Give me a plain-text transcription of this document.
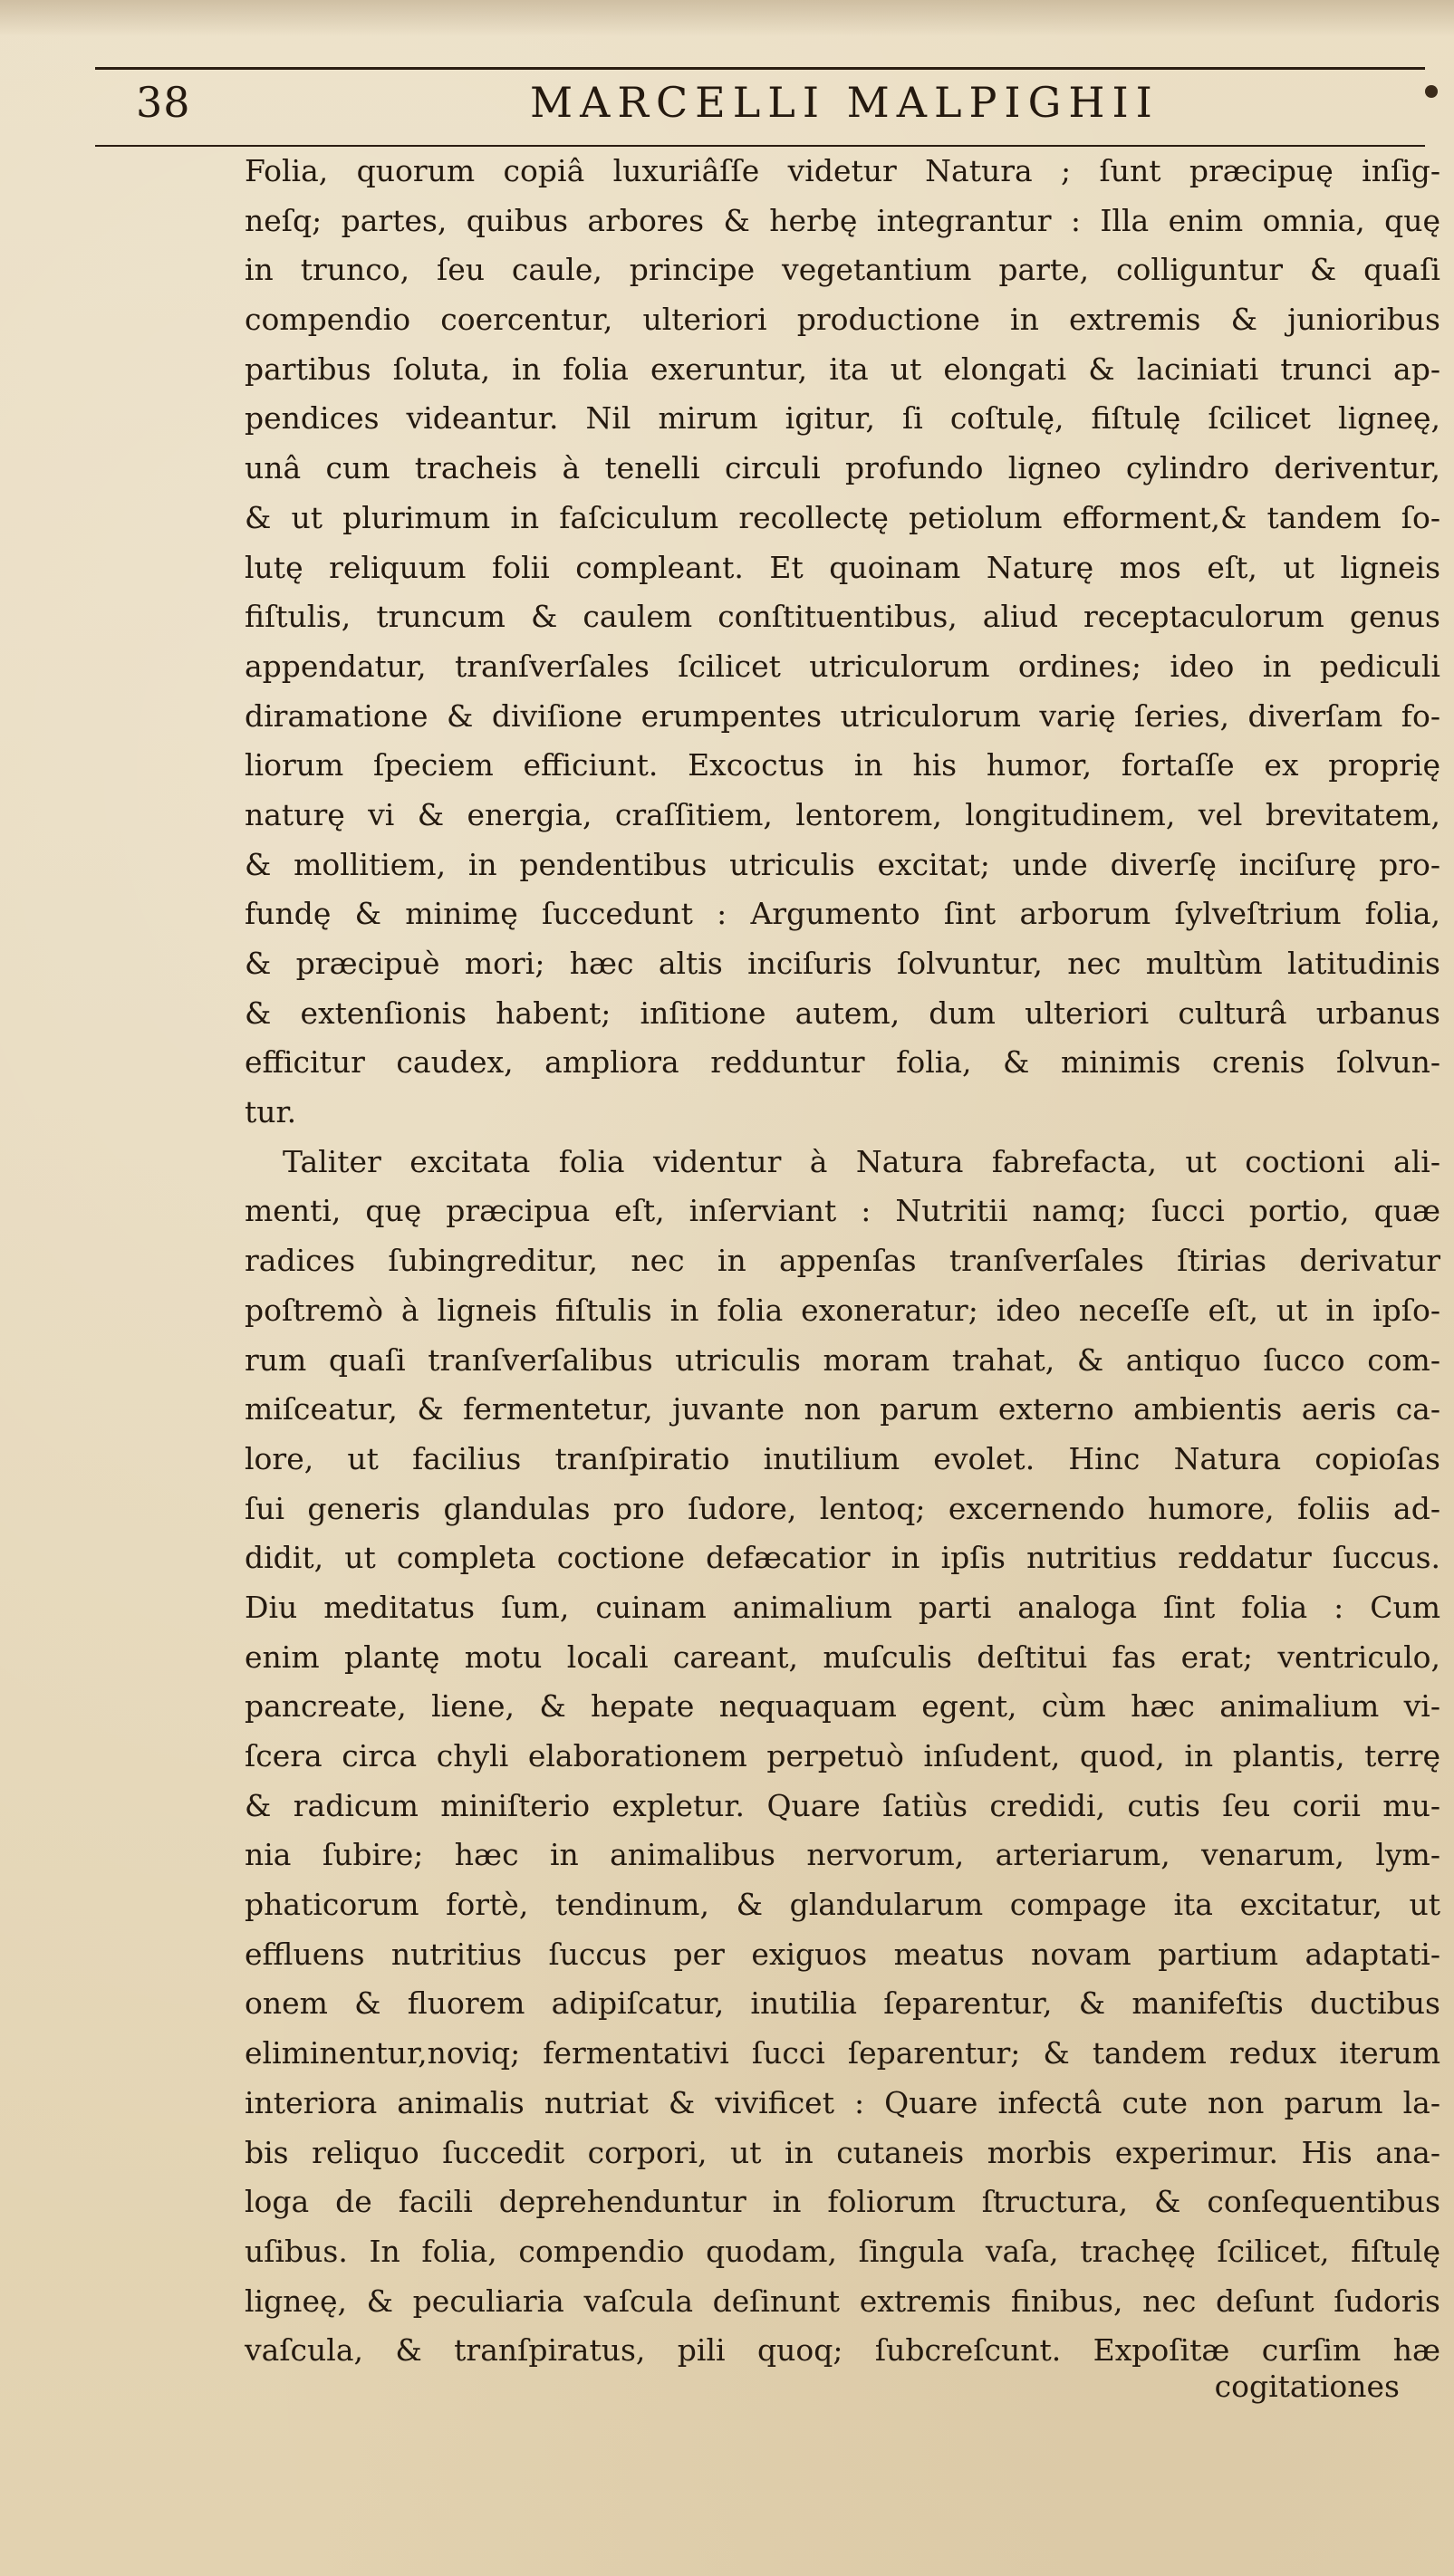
38	MARCELLI MALPIGHII
Folia, quorum copiâ luxuriâſſe videtur Natura ; ſunt præcipuę inſig-
neſq; partes, quibus arbores & herbę integrantur : Illa enim omnia, quę
in trunco, ſeu caule, principe vegetantium parte, colliguntur & quaſi
compendio coercentur, ulteriori productione in extremis & junioribus
partibus ſoluta, in folia exeruntur, ita ut elongati & laciniati trunci ap-
pendices videantur. Nil mirum igitur, ſi coſtulę, fiſtulę ſcilicet ligneę,
unâ cum tracheis à tenelli circuli profundo ligneo cylindro deriventur,
& ut plurimum in faſciculum recollectę petiolum efforment,& tandem ſo-
lutę reliquum folii compleant. Et quoinam Naturę mos eſt, ut ligneis
fiſtulis, truncum & caulem conſtituentibus, aliud receptaculorum genus
appendatur, tranſverſales ſcilicet utriculorum ordines; ideo in pediculi
diramatione & diviſione erumpentes utriculorum varię ſeries, diverſam fo-
liorum ſpeciem efficiunt. Excoctus in his humor, fortaſſe ex proprię
naturę vi & energia, craſſitiem, lentorem, longitudinem, vel brevitatem,
& mollitiem, in pendentibus utriculis excitat; unde diverſę inciſurę pro-
fundę & minimę ſuccedunt : Argumento ſint arborum ſylveſtrium folia,
& præcipuè mori; hæc altis inciſuris ſolvuntur, nec multùm latitudinis
& extenſionis habent; inſitione autem, dum ulteriori culturâ urbanus
efficitur caudex, ampliora redduntur folia, & minimis crenis ſolvun-
tur.
Taliter excitata folia videntur à Natura fabrefacta, ut coctioni ali-
menti, quę præcipua eſt, inſerviant : Nutritii namq; ſucci portio, quæ
radices ſubingreditur, nec in appenſas tranſverſales ſtirias derivatur
poſtremò à ligneis fiſtulis in folia exoneratur; ideo neceſſe eſt, ut in ipſo-
rum quaſi tranſverſalibus utriculis moram trahat, & antiquo ſucco com-
miſceatur, & fermentetur, juvante non parum externo ambientis aeris ca-
lore, ut facilius tranſpiratio inutilium evolet. Hinc Natura copioſas
ſui generis glandulas pro ſudore, lentoq; excernendo humore, foliis ad-
didit, ut completa coctione defæcatior in ipſis nutritius reddatur ſuccus.
Diu meditatus ſum, cuinam animalium parti analoga ſint folia : Cum
enim plantę motu locali careant, muſculis deſtitui fas erat; ventriculo,
pancreate, liene, & hepate nequaquam egent, cùm hæc animalium vi-
ſcera circa chyli elaborationem perpetuò inſudent, quod, in plantis, terrę
& radicum miniſterio expletur. Quare ſatiùs credidi, cutis ſeu corii mu-
nia ſubire; hæc in animalibus nervorum, arteriarum, venarum, lym-
phaticorum fortè, tendinum, & glandularum compage ita excitatur, ut
effluens nutritius ſuccus per exiguos meatus novam partium adaptati-
onem & fluorem adipiſcatur, inutilia ſeparentur, & manifeſtis ductibus
eliminentur,noviq; fermentativi ſucci ſeparentur; & tandem redux iterum
interiora animalis nutriat & vivificet : Quare infectâ cute non parum la-
bis reliquo ſuccedit corpori, ut in cutaneis morbis experimur. His ana-
loga de facili deprehenduntur in foliorum ſtructura, & conſequentibus
uſibus. In folia, compendio quodam, ſingula vaſa, trachęę ſcilicet, fiſtulę
ligneę, & peculiaria vaſcula deſinunt extremis finibus, nec deſunt ſudoris
vaſcula, & tranſpiratus, pili quoq; ſubcreſcunt. Expoſitæ curſim hæ
cogitationes
